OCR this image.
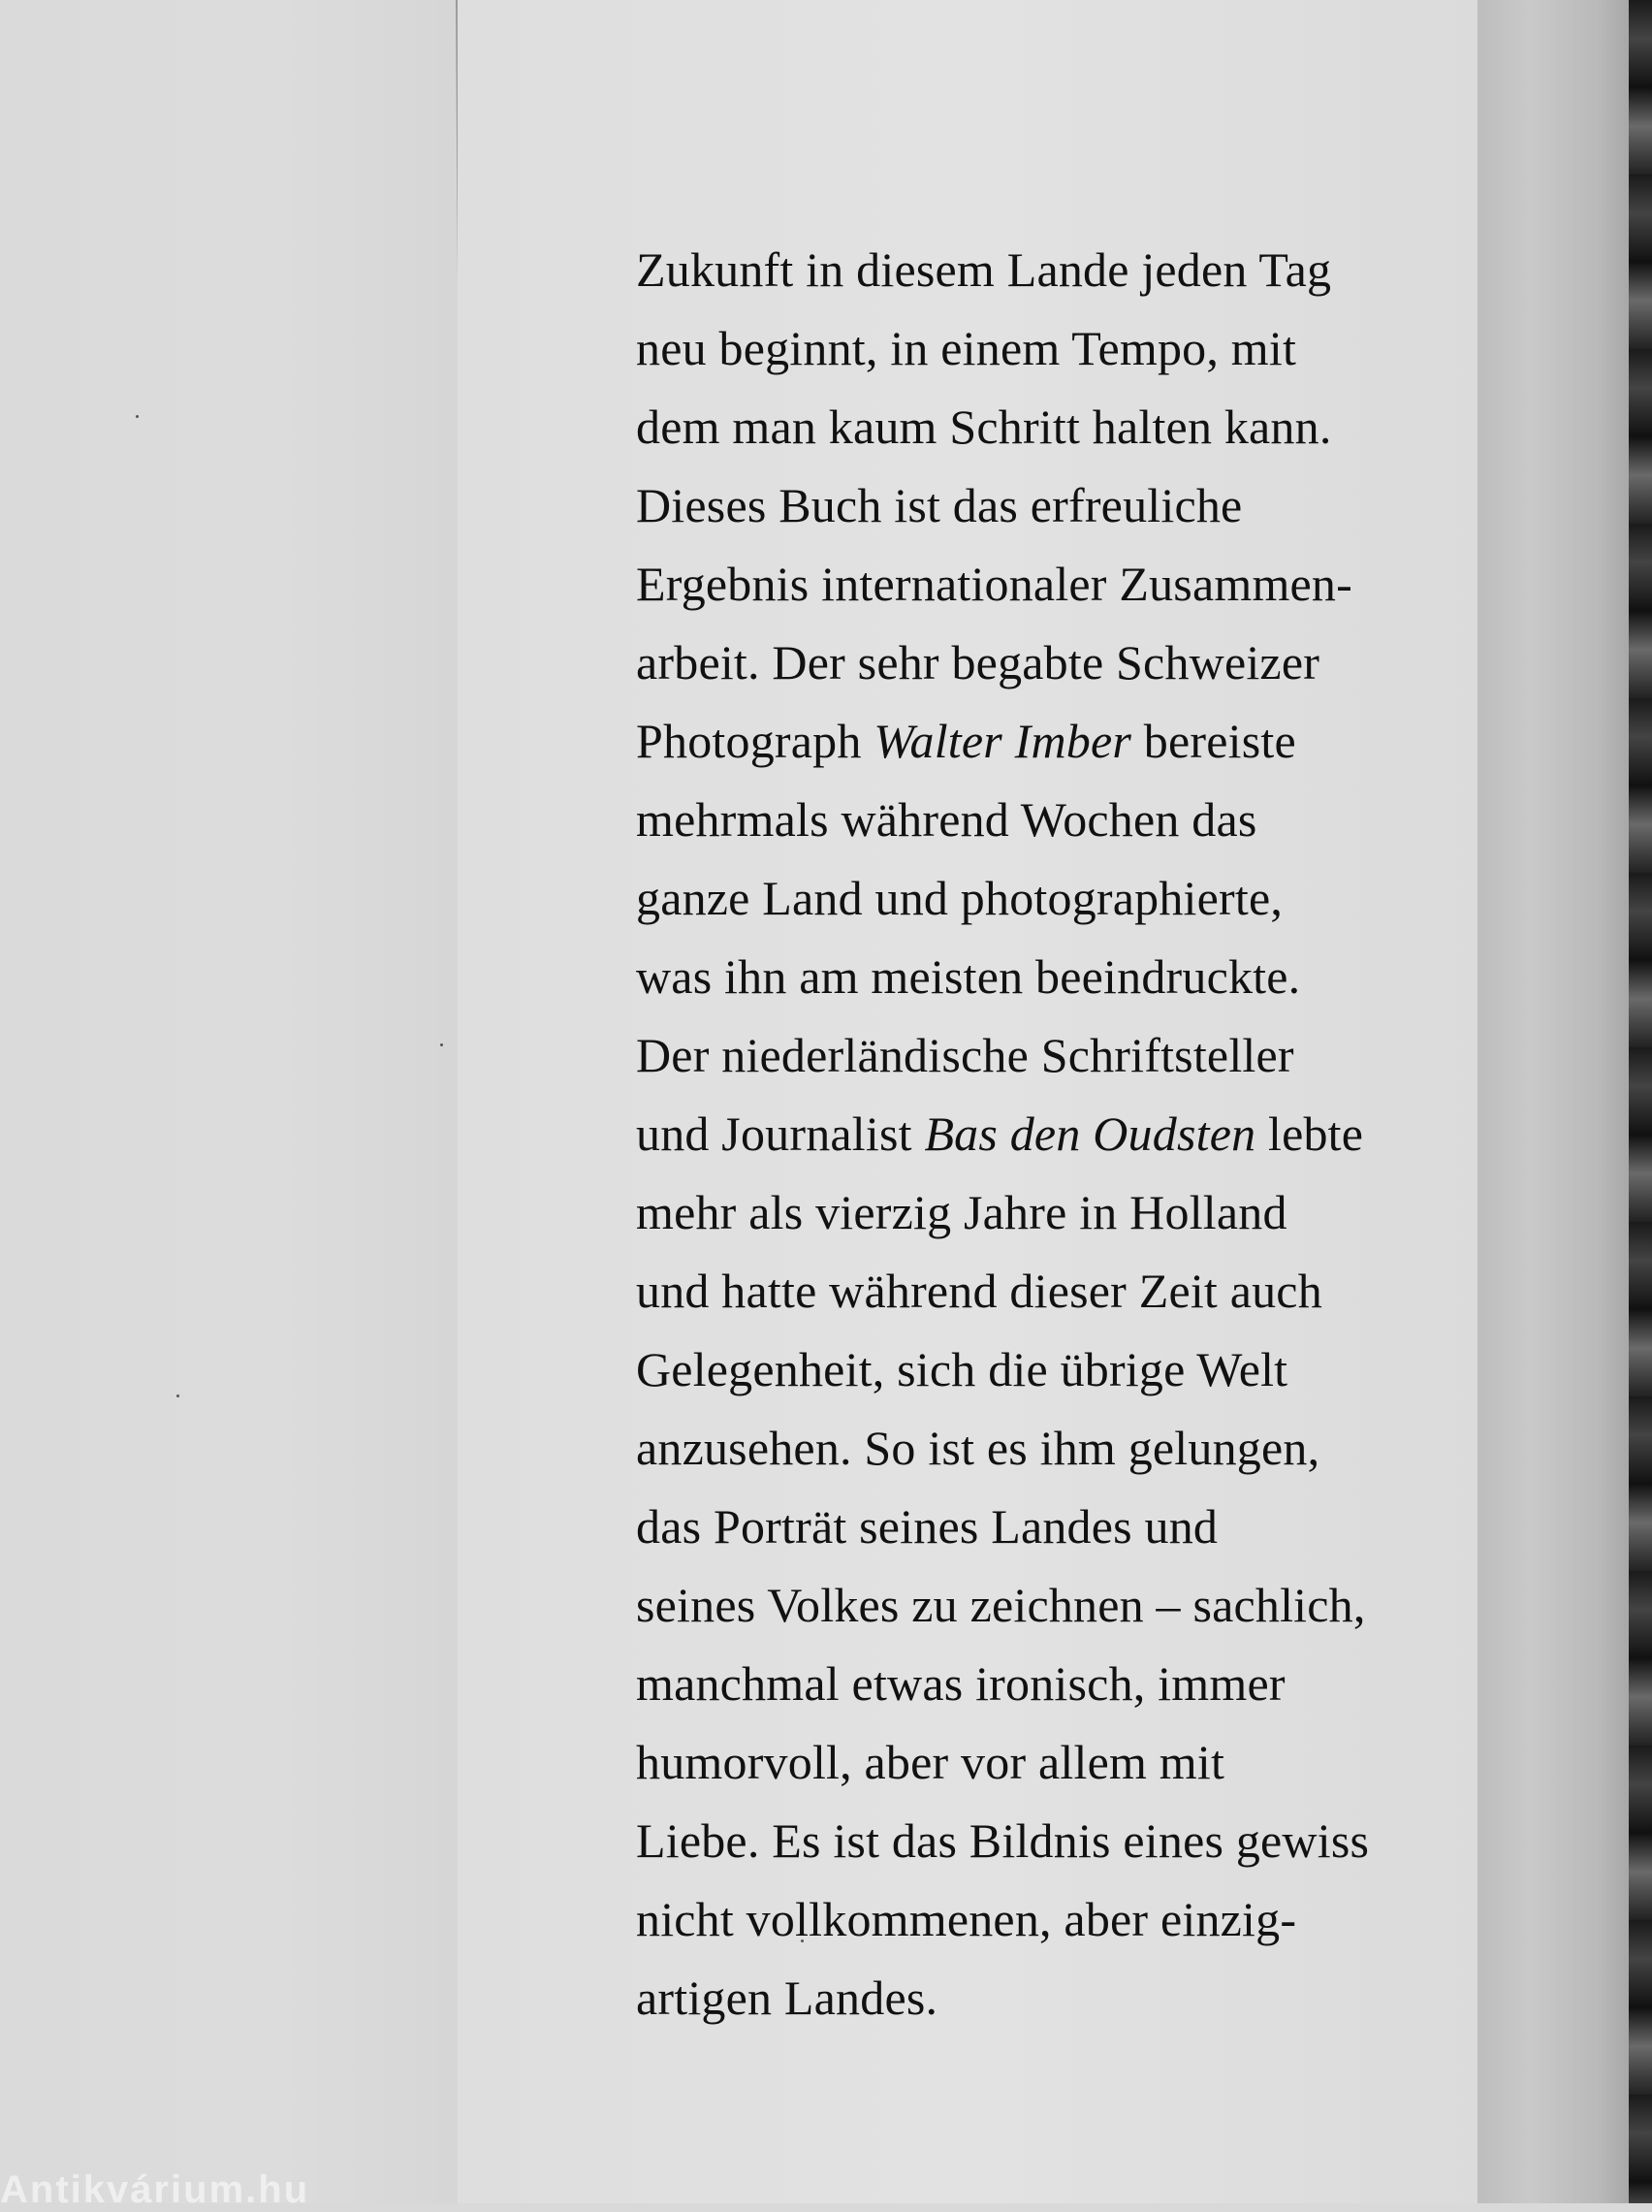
Zukunft in diesem Lande jeden Tag
neu beginnt, in einem Tempo, mit
dem man kaum Schritt halten kann.
Dieses Buch ist das erfreuliche
Ergebnis internationaler Zusammen-
arbeit. Der sehr begabte Schweizer
Photograph Walter Imber bereiste
mehrmals während Wochen das
ganze Land und photographierte,
was ihn am meisten beeindruckte.
Der niederländische Schriftsteller
und Journalist Bas den Oudsten lebte
mehr als vierzig Jahre in Holland
und hatte während dieser Zeit auch
Gelegenheit, sich die übrige Welt
anzusehen. So ist es ihm gelungen,
das Porträt seines Landes und
seines Volkes zu zeichnen – sachlich,
manchmal etwas ironisch, immer
humorvoll, aber vor allem mit
Liebe. Es ist das Bildnis eines gewiss
nicht vollkommenen, aber einzig-
artigen Landes.

Antikvárium.hu
